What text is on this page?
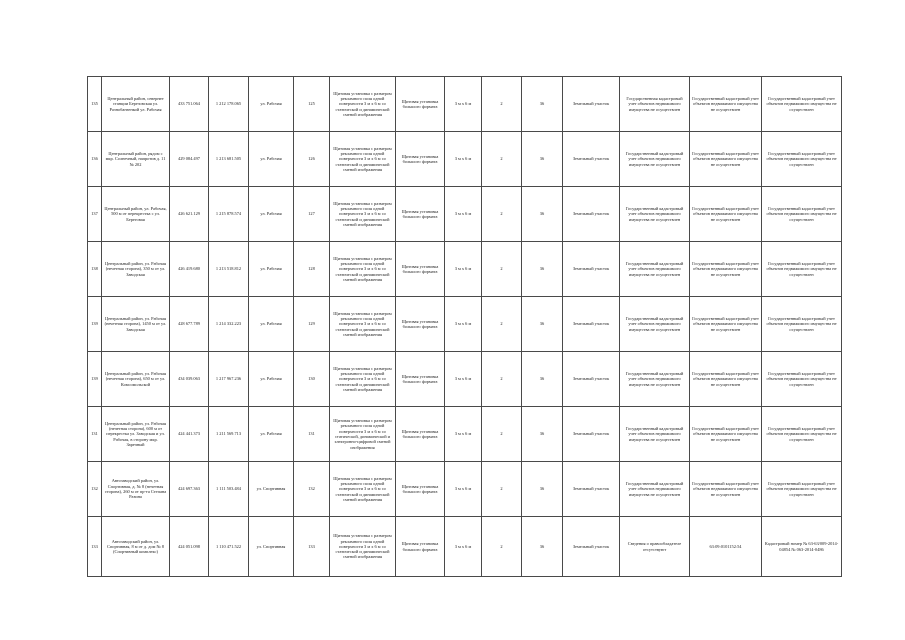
135	Центральный район, севернее станции Березовская ул. Разнобанзенкой ул. Рабочая	433 751.064	1 212 178.065	ул. Рабочая	125	Щитовая установка с размером рекламного поля одной поверхности 3 м x 6 м со статической и динамической сменой изображения	Щитовая установка большого формата	3 м x 6 м	2	36	Земельный участок	Государственная кадастровый учет объектов недвижимого имущества не осуществлен	Государственный кадастровый учет объектов недвижимого имущества не осуществлен	Государственный кадастровый учет объектов недвижимого имущества не осуществлен
136	Центральный район, рядом с мкр. Солнечный, напротив д. 11 № 202	429 084.497	1 213 681.505	ул. Рабочая	126	Щитовая установка с размером рекламного поля одной поверхности 3 м x 6 м со статической и динамической сменой изображения	Щитовая установка большого формата	3 м x 6 м	2	36	Земельный участок	Государственный кадастровый учет объектов недвижимого имущества не осуществлен	Государственный кадастровый учет объектов недвижимого имущества не осуществлен	Государственный кадастровый учет объектов недвижимого имущества не осуществлен
137	Центральный район, ул. Рабочая, 500 м от перекрестка с ул. Береговая	426 621.129	1 215 878.574	ул. Рабочая	127	Щитовая установка с размером рекламного поля одной поверхности 3 м x 6 м со статической и динамической сменой изображения	Щитовая установка большого формата	3 м x 6 м	2	36	Земельный участок	Государственный кадастровый учет объектов недвижимого имущества не осуществлен	Государственный кадастровый учет объектов недвижимого имущества не осуществлен	Государственный кадастровый учет объектов недвижимого имущества не осуществлен
138	Центральный район, ул. Рабочая (нечетная сторона), 350 м от ул. Заводская	426 419.680	1 213 518.812	ул. Рабочая	128	Щитовая установка с размером рекламного поля одной поверхности 3 м x 6 м со статической и динамической сменой изображения	Щитовая установка большого формата	3 м x 6 м	2	36	Земельный участок	Государственный кадастровый учет объектов недвижимого имущества не осуществлен	Государственный кадастровый учет объектов недвижимого имущества не осуществлен	Государственный кадастровый учет объектов недвижимого имущества не осуществлен
139	Центральный район, ул. Рабочая (нечетная сторона), 1450 м от ул. Заводская	428 677.789	1 214 332.223	ул. Рабочая	129	Щитовая установка с размером рекламного поля одной поверхности 3 м x 6 м со статической и динамической сменой изображения	Щитовая установка большого формата	3 м x 6 м	2	36	Земельный участок	Государственный кадастровый учет объектов недвижимого имущества не осуществлен	Государственный кадастровый учет объектов недвижимого имущества не осуществлен	Государственный кадастровый учет объектов недвижимого имущества не осуществлен
139	Центральный район, ул. Рабочая (нечетная сторона), 650 м от ул. Комсомольской	434 039.063	1 217 967.236	ул. Рабочая	130	Щитовая установка с размером рекламного поля одной поверхности 3 м x 6 м со статической и динамической сменой изображения	Щитовая установка большого формата	3 м x 6 м	2	36	Земельный участок	Государственный кадастровый учет объектов недвижимого имущества не осуществлен	Государственный кадастровый учет объектов недвижимого имущества не осуществлен	Государственный кадастровый учет объектов недвижимого имущества не осуществлен
131	Центральный район, ул. Рабочая (нечетная сторона), 600 м от перекрестка ул. Заводская и ул. Рабочая, в сторону мкр. Заречный	424 441.373	1 211 569.713	ул. Рабочая	131	Щитовая установка с размером рекламного поля одной поверхности 3 м x 6 м со статической, динамической и электронно-цифровой сменой изображения	Щитовая установка большого формата	3 м x 6 м	2	36	Земельный участок	Государственный кадастровый учет объектов недвижимого имущества не осуществлен	Государственный кадастровый учет объектов недвижимого имущества не осуществлен	Государственный кадастровый учет объектов недвижимого имущества не осуществлен
132	Автозаводский район, ул. Спортивная, д. № 8 (нечетная сторона), 260 м от пр-та Степана Разина	424 697.363	1 111 503.484	ул. Спортивная	132	Щитовая установка с размером рекламного поля одной поверхности 3 м x 6 м со статической и динамической сменой изображения	Щитовая установка большого формата	3 м x 6 м	2	36	Земельный участок	Государственный кадастровый учет объектов недвижимого имущества не осуществлен	Государственный кадастровый учет объектов недвижимого имущества не осуществлен	Государственный кадастровый учет объектов недвижимого имущества не осуществлен
133	Автозаводский район, ул. Спортивная, 8 м от д. дом № 8 (Спортивный комплекс)	424 051.098	1 110 471.522	ул. Спортивная	133	Щитовая установка с размером рекламного поля одной поверхности 3 м x 6 м со статической и динамической сменой изображения	Щитовая установка большого формата	3 м x 6 м	2	36	Земельный участок	Сведения о правообладателе отсутствуют	63:09:0101152:54	Кадастровый номер № 63-63/009-2014-04854 № 063-2014-0486
